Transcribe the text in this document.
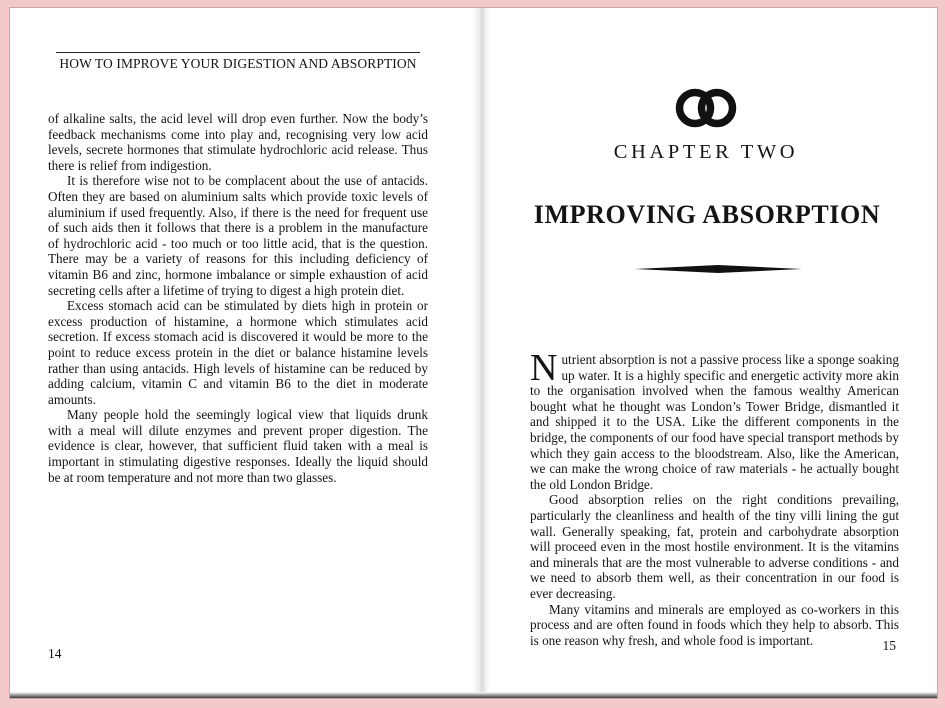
HOW TO IMPROVE YOUR DIGESTION AND ABSORPTION

of alkaline salts, the acid level will drop even further. Now the body’s feedback mechanisms come into play and, recognising very low acid levels, secrete hormones that stimulate hydrochloric acid release. Thus there is relief from indigestion.

It is therefore wise not to be complacent about the use of antacids. Often they are based on aluminium salts which provide toxic levels of aluminium if used frequently. Also, if there is the need for frequent use of such aids then it follows that there is a problem in the manufacture of hydrochloric acid - too much or too little acid, that is the question. There may be a variety of reasons for this including deficiency of vitamin B6 and zinc, hormone imbalance or simple exhaustion of acid secreting cells after a lifetime of trying to digest a high protein diet.

Excess stomach acid can be stimulated by diets high in protein or excess production of histamine, a hormone which stimulates acid secretion. If excess stomach acid is discovered it would be more to the point to reduce excess protein in the diet or balance histamine levels rather than using antacids. High levels of histamine can be reduced by adding calcium, vitamin C and vitamin B6 to the diet in moderate amounts.

Many people hold the seemingly logical view that liquids drunk with a meal will dilute enzymes and prevent proper digestion. The evidence is clear, however, that sufficient fluid taken with a meal is important in stimulating digestive responses. Ideally the liquid should be at room temperature and not more than two glasses.

14
CHAPTER TWO
IMPROVING ABSORPTION

Nutrient absorption is not a passive process like a sponge soaking up water. It is a highly specific and energetic activity more akin to the organisation involved when the famous wealthy American bought what he thought was London’s Tower Bridge, dismantled it and shipped it to the USA. Like the different components in the bridge, the components of our food have special transport methods by which they gain access to the bloodstream. Also, like the American, we can make the wrong choice of raw materials - he actually bought the old London Bridge.

Good absorption relies on the right conditions prevailing, particularly the cleanliness and health of the tiny villi lining the gut wall. Generally speaking, fat, protein and carbohydrate absorption will proceed even in the most hostile environment. It is the vitamins and minerals that are the most vulnerable to adverse conditions - and we need to absorb them well, as their concentration in our food is ever decreasing.

Many vitamins and minerals are employed as co-workers in this process and are often found in foods which they help to absorb. This is one reason why fresh, and whole food is important.	15
